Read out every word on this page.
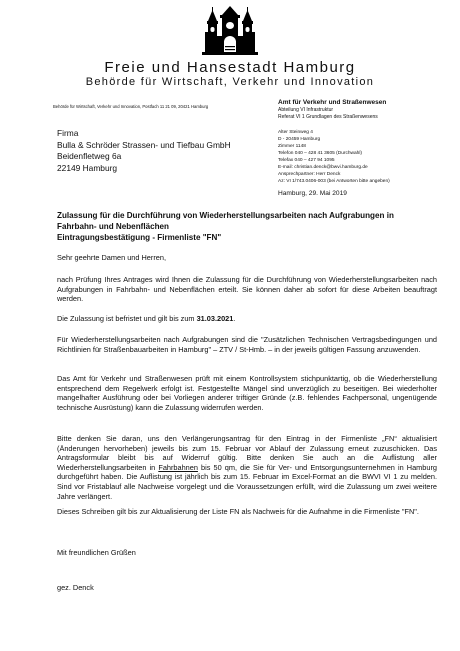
Freie und Hansestadt Hamburg
Behörde für Wirtschaft, Verkehr und Innovation
Behörde für Wirtschaft, Verkehr und Innovation, Postfach 11 21 09, 20421 Hamburg
Amt für Verkehr und Straßenwesen
Abteilung VI Infrastruktur
Referat VI 1 Grundlagen des Straßenwesens
Firma
Bulla & Schröder Strassen- und Tiefbau GmbH
Beidenfletweg 6a
22149 Hamburg
Alter Steinweg 4
D - 20459 Hamburg
Zimmer 1148
Telefon 040 – 428 41 3605 (Durchwahl)
Telefax 040 – 427 94 1095
E-mail: christian.denck@bwvi.hamburg.de
Ansprechpartner: Herr Denck
Az: VI 1/743.0406-003 (bei Antworten bitte angeben)
Hamburg, 29. Mai 2019
Zulassung für die Durchführung von Wiederherstellungsarbeiten nach Aufgrabungen in
Fahrbahn- und Nebenflächen
Eintragungsbestätigung - Firmenliste "FN"
Sehr geehrte Damen und Herren,
nach Prüfung Ihres Antrages wird Ihnen die Zulassung für die Durchführung von Wiederherstellungsarbeiten nach Aufgrabungen in Fahrbahn- und Nebenflächen erteilt. Sie können daher ab sofort für diese Arbeiten beauftragt werden.
Die Zulassung ist befristet und gilt bis zum 31.03.2021.
Für Wiederherstellungsarbeiten nach Aufgrabungen sind die "Zusätzlichen Technischen Vertragsbedingungen und Richtlinien für Straßenbauarbeiten in Hamburg" – ZTV / St-Hmb. – in der jeweils gültigen Fassung anzuwenden.
Das Amt für Verkehr und Straßenwesen prüft mit einem Kontrollsystem stichpunktartig, ob die Wiederherstellung entsprechend dem Regelwerk erfolgt ist. Festgestellte Mängel sind unverzüglich zu beseitigen. Bei wiederholter mangelhafter Ausführung oder bei Vorliegen anderer triftiger Gründe (z.B. fehlendes Fachpersonal, ungenügende technische Ausrüstung) kann die Zulassung widerrufen werden.
Bitte denken Sie daran, uns den Verlängerungsantrag für den Eintrag in der Firmenliste „FN“ aktualisiert (Änderungen hervorheben) jeweils bis zum 15. Februar vor Ablauf der Zulassung erneut zuzuschicken. Das Antragsformular bleibt bis auf Widerruf gültig. Bitte denken Sie auch an die Auflistung aller Wiederherstellungsarbeiten in Fahrbahnen bis 50 qm, die Sie für Ver- und Entsorgungsunternehmen in Hamburg durchgeführt haben. Die Auflistung ist jährlich bis zum 15. Februar im Excel-Format an die BWVI VI 1 zu melden. Sind vor Fristablauf alle Nachweise vorgelegt und die Voraussetzungen erfüllt, wird die Zulassung um zwei weitere Jahre verlängert.
Dieses Schreiben gilt bis zur Aktualisierung der Liste FN als Nachweis für die Aufnahme in die Firmenliste "FN".
Mit freundlichen Grüßen
gez. Denck
